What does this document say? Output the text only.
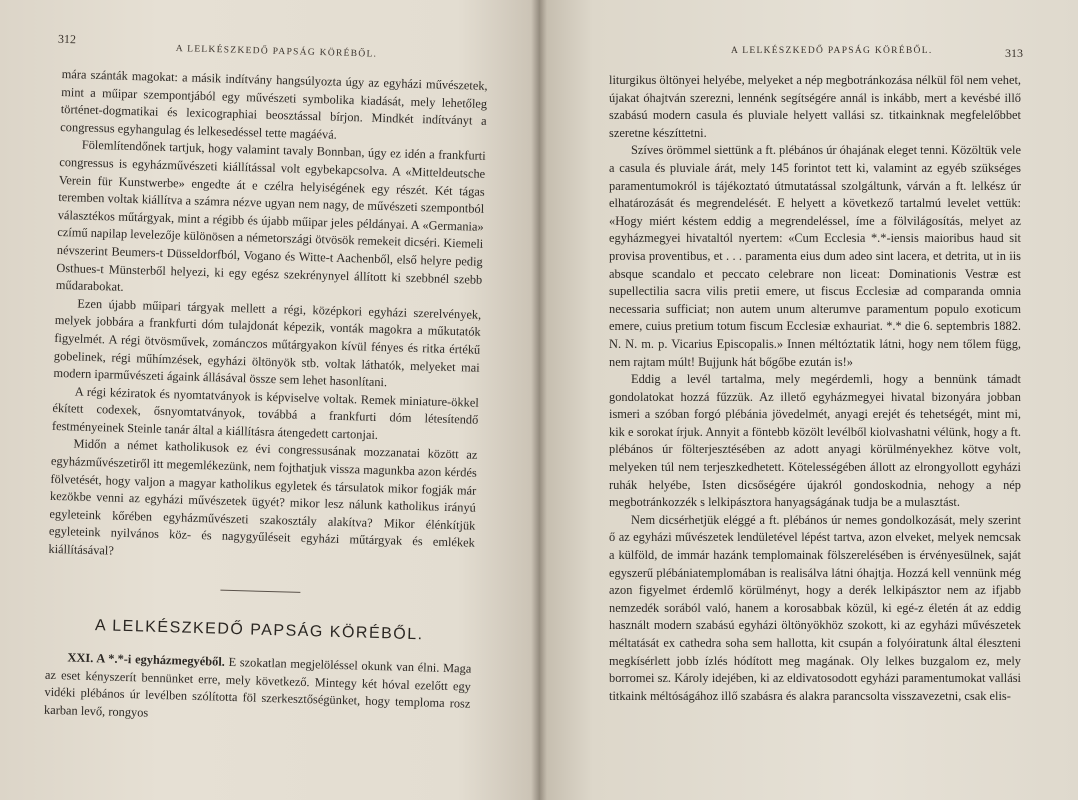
312
A LELKÉSZKEDŐ PAPSÁG KÖRÉBŐL.

mára szánták magokat: a másik indítvány hangsúlyozta úgy az egyházi művészetek, mint a műipar szempontjából egy művészeti symbolika kiadását, mely lehetőleg történet-dogmatikai és lexicographiai beosztással bírjon. Mindkét indítványt a congressus egyhangulag és lelkesedéssel tette magáévá.

Fölemlítendőnek tartjuk, hogy valamint tavaly Bonnban, úgy ez idén a frankfurti congressus is egyházművészeti kiállítással volt egybekapcsolva. A «Mitteldeutsche Verein für Kunstwerbe» engedte át e czélra helyiségének egy részét. Két tágas teremben voltak kiállítva a számra nézve ugyan nem nagy, de művészeti szempontból választékos műtárgyak, mint a régibb és újabb műipar jeles példányai. A «Germania» czímű napilap levelezője különösen a németországi ötvösök remekeit dicséri. Kiemeli névszerint Beumers-t Düsseldorfból, Vogano és Witte-t Aachenből, első helyre pedig Osthues-t Münsterből helyezi, ki egy egész szekrénynyel állított ki szebbnél szebb műdarabokat.

Ezen újabb műipari tárgyak mellett a régi, középkori egyházi szerelvények, melyek jobbára a frankfurti dóm tulajdonát képezik, vonták magokra a műkutatók figyelmét. A régi ötvösművek, zománczos műtárgyakon kívül fényes és ritka értékű gobelinek, régi műhímzések, egyházi öltönyök stb. voltak láthatók, melyeket mai modern iparművészeti ágaink állásával össze sem lehet hasonlítani.

A régi kéziratok és nyomtatványok is képviselve voltak. Remek miniature-ökkel ékített codexek, ősnyomtatványok, továbbá a frankfurti dóm létesítendő festményeinek Steinle tanár által a kiállításra átengedett cartonjai.

Midőn a német katholikusok ez évi congressusának mozzanatai között az egyházművészetiről itt megemlékezünk, nem fojthatjuk vissza magunkba azon kérdés fölvetését, hogy valjon a magyar katholikus egyletek és társulatok mikor fogják már kezökbe venni az egyházi művészetek ügyét? mikor lesz nálunk katholikus irányú egyleteink kőrében egyházművészeti szakosztály alakítva? Mikor élénkítjük egyleteink nyilvános köz- és nagygyűléseit egyházi műtárgyak és emlékek kiállításával?

A LELKÉSZKEDŐ PAPSÁG KÖRÉBŐL.

XXI. A *.*-i egyházmegyéből. E szokatlan megjelöléssel okunk van élni. Maga az eset kényszerít bennünket erre, mely következő. Mintegy két hóval ezelőtt egy vidéki plébános úr levélben szólította föl szerkesztőségünket, hogy temploma rosz karban levő, rongyos

A LELKÉSZKEDŐ PAPSÁG KÖRÉBŐL.	313

liturgikus öltönyei helyébe, melyeket a nép megbotránkozása nélkül föl nem vehet, újakat óhajtván szerezni, lennénk segítségére annál is inkább, mert a kevésbé illő szabású modern casula és pluviale helyett vallási sz. titkainknak megfelelőbbet szeretne készíttetni.

Szíves örömmel siettünk a ft. plébános úr óhajának eleget tenni. Közöltük vele a casula és pluviale árát, mely 145 forintot tett ki, valamint az egyéb szükséges paramentumokról is tájékoztató útmutatással szolgáltunk, várván a ft. lelkész úr elhatározását és megrendelését. E helyett a következő tartalmú levelet vettük: «Hogy miért késtem eddig a megrendeléssel, íme a fölvilágosítás, melyet az egyházmegyei hivataltól nyertem: «Cum Ecclesia *.*-iensis maioribus haud sit provisa proventibus, et . . . paramenta eius dum adeo sint lacera, et detrita, ut in iis absque scandalo et peccato celebrare non liceat: Dominationis Vestræ est supellectilia sacra vilis pretii emere, ut fiscus Ecclesiæ ad comparanda omnia necessaria sufficiat; non autem unum alterumve paramentum populo exoticum emere, cuius pretium totum fiscum Ecclesiæ exhauriat. *.* die 6. septembris 1882. N. N. m. p. Vicarius Episcopalis.» Innen méltóztatik látni, hogy nem tőlem függ, nem rajtam múlt! Bujjunk hát bőgőbe ezután is!»

Eddig a levél tartalma, mely megérdemli, hogy a bennünk támadt gondolatokat hozzá fűzzük. Az illető egyházmegyei hivatal bizonyára jobban ismeri a szóban forgó plébánia jövedelmét, anyagi erejét és tehetségét, mint mi, kik e sorokat írjuk. Annyit a föntebb közölt levélből kiolvashatni vélünk, hogy a ft. plébános úr fölterjesztésében az adott anyagi körülményekhez kötve volt, melyeken túl nem terjeszkedhetett. Kötelességében állott az elrongyollott egyházi ruhák helyébe, Isten dicsőségére újakról gondoskodnia, nehogy a nép megbotránkozzék s lelkipásztora hanyagságának tudja be a mulasztást.

Nem dicsérhetjük eléggé a ft. plébános úr nemes gondolkozását, mely szerint ő az egyházi művészetek lendületével lépést tartva, azon elveket, melyek nemcsak a külföld, de immár hazánk templomainak fölszerelésében is érvényesülnek, saját egyszerű plébániatemplomában is realisálva látni óhajtja. Hozzá kell vennünk még azon figyelmet érdemlő körülményt, hogy a derék lelkipásztor nem az ifjabb nemzedék sorából való, hanem a korosabbak közül, ki egé-z életén át az eddig használt modern szabású egyházi öltönyökhöz szokott, ki az egyházi művészetek méltatását ex cathedra soha sem hallotta, kit csupán a folyóiratunk által éleszteni megkísérlett jobb ízlés hódított meg magának. Oly lelkes buzgalom ez, mely borromei sz. Károly idejében, ki az eldivatosodott egyházi paramentumokat vallási titkaink méltóságához illő szabásra és alakra parancsolta visszavezetni, csak elis-
